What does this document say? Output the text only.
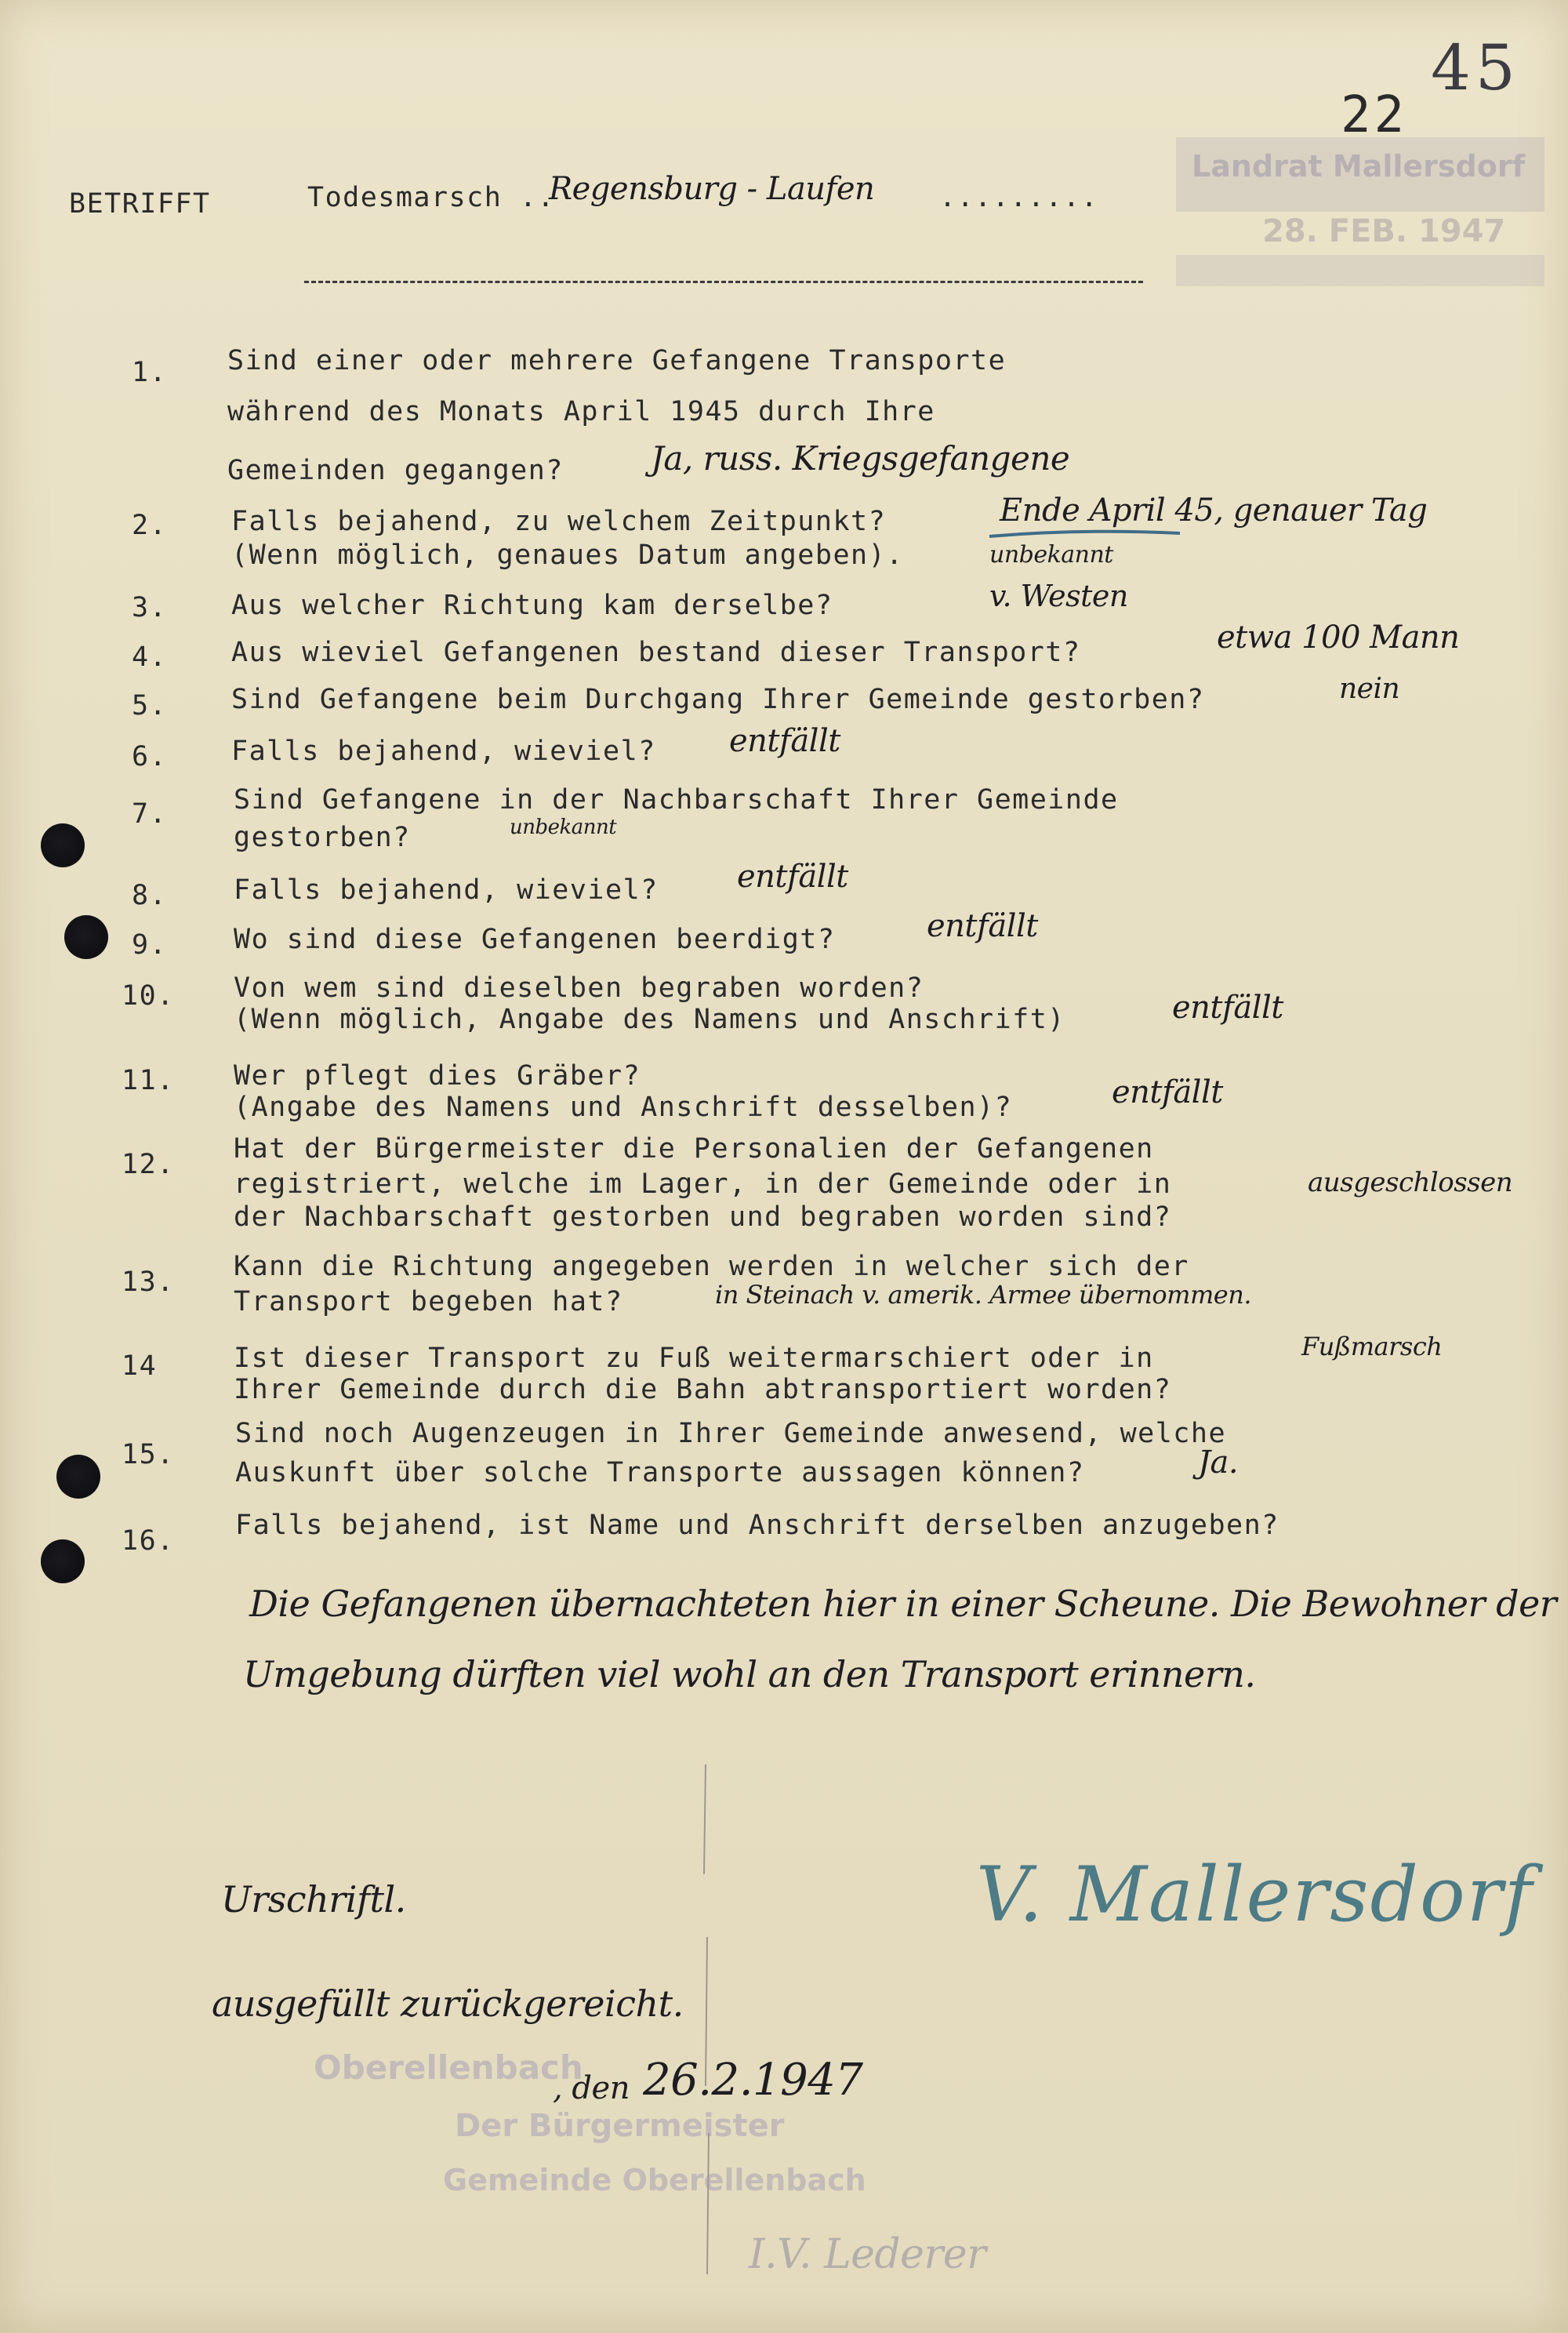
45
22
Landrat Mallersdorf
28. FEB. 1947
BETRIFFT	Todesmarsch ..
Regensburg - Laufen .........
1. Sind einer oder mehrere Gefangene Transporte
während des Monats April 1945 durch Ihre
Gemeinden gegangen?	Ja, russ. Kriegsgefangene
2. Falls bejahend, zu welchem Zeitpunkt?
(Wenn möglich, genaues Datum angeben).
Ende April 45, genauer Tag
unbekannt
3. Aus welcher Richtung kam derselbe?	v. Westen
4. Aus wieviel Gefangenen bestand dieser Transport?	etwa 100 Mann
5. Sind Gefangene beim Durchgang Ihrer Gemeinde gestorben?	nein
6. Falls bejahend, wieviel? entfällt
7. Sind Gefangene in der Nachbarschaft Ihrer Gemeinde
gestorben?	unbekannt
8. Falls bejahend, wieviel?	entfällt
9. Wo sind diese Gefangenen beerdigt?	entfällt
10. Von wem sind dieselben begraben worden?
(Wenn möglich, Angabe des Namens und Anschrift)	entfällt
11. Wer pflegt dies Gräber?
(Angabe des Namens und Anschrift desselben)?	entfällt
12. Hat der Bürgermeister die Personalien der Gefangenen
registriert, welche im Lager, in der Gemeinde oder in
der Nachbarschaft gestorben und begraben worden sind?
ausgeschlossen
13. Kann die Richtung angegeben werden in welcher sich der
Transport begeben hat?	in Steinach v. amerik. Armee übernommen.
14	Ist dieser Transport zu Fuß weitermarschiert oder in
Ihrer Gemeinde durch die Bahn abtransportiert worden?
Fußmarsch
15.
Sind noch Augenzeugen in Ihrer Gemeinde anwesend, welche
Auskunft über solche Transporte aussagen können?	Ja.
16. Falls bejahend, ist Name und Anschrift derselben anzugeben?
Die Gefangenen übernachteten hier in einer Scheune. Die Bewohner der
Umgebung dürften viel wohl an den Transport erinnern.
Urschriftl.
ausgefüllt zurückgereicht.
V. Mallersdorf
Oberellenbach
Der Bürgermeister
Gemeinde Oberellenbach
, den 26.2.1947
I.V. Lederer
